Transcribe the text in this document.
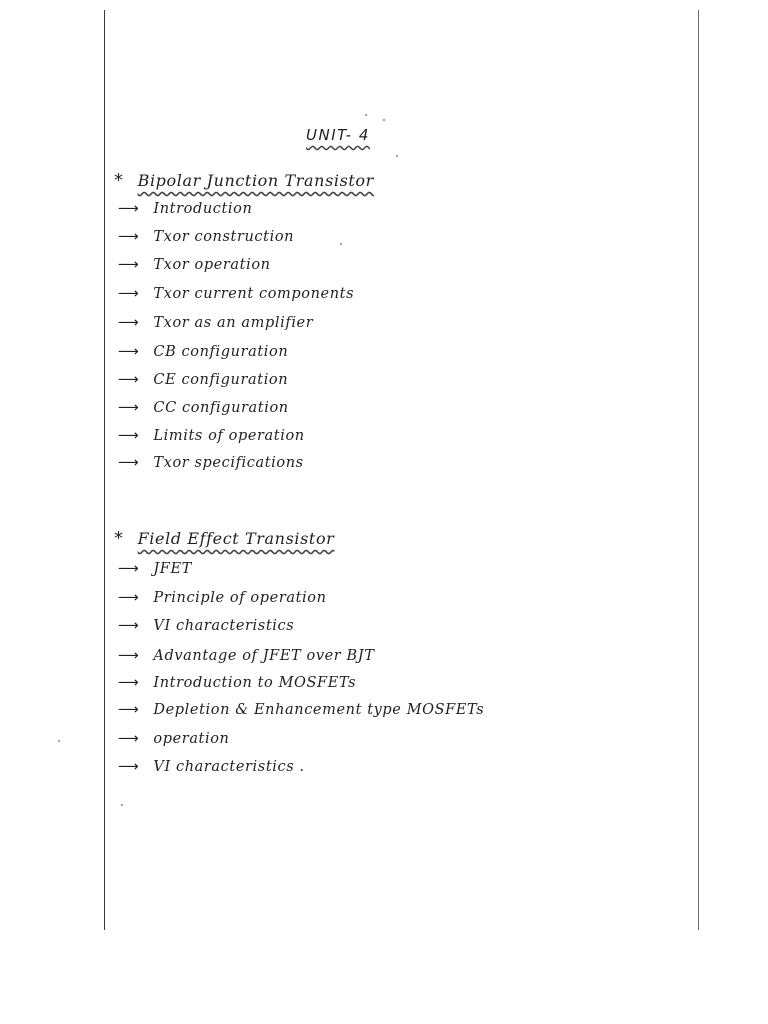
UNIT- 4
* Bipolar Junction Transistor
⟶ Introduction
⟶ Txor construction
⟶ Txor operation
⟶ Txor current components
⟶ Txor as an amplifier
⟶ CB configuration
⟶ CE configuration
⟶ CC configuration
⟶ Limits of operation
⟶ Txor specifications
* Field Effect Transistor
⟶ JFET
⟶ Principle of operation
⟶ VI characteristics
⟶ Advantage of JFET over BJT
⟶ Introduction to MOSFETs
⟶ Depletion & Enhancement type MOSFETs
⟶ operation
⟶ VI characteristics .
